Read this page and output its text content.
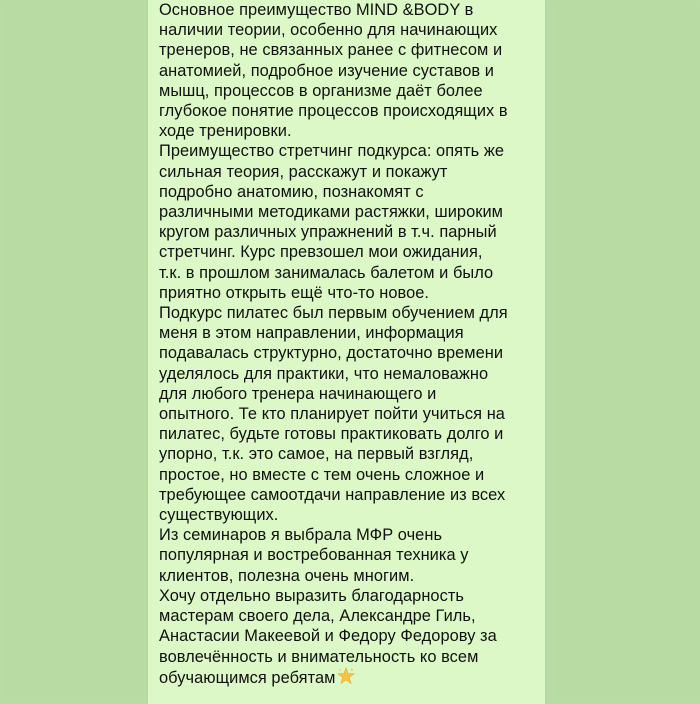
Основное преимущество MIND &BODY в
наличии теории, особенно для начинающих
тренеров, не связанных ранее с фитнесом и
анатомией, подробное изучение суставов и
мышц, процессов в организме даёт более
глубокое понятие процессов происходящих в
ходе тренировки.
Преимущество стретчинг подкурса: опять же
сильная теория, расскажут и покажут
подробно анатомию, познакомят с
различными методиками растяжки, широким
кругом различных упражнений в т.ч. парный
стретчинг. Курс превзошел мои ожидания,
т.к. в прошлом занималась балетом и было
приятно открыть ещё что-то новое.
Подкурс пилатес был первым обучением для
меня в этом направлении, информация
подавалась структурно, достаточно времени
уделялось для практики, что немаловажно
для любого тренера начинающего и
опытного. Те кто планирует пойти учиться на
пилатес, будьте готовы практиковать долго и
упорно, т.к. это самое, на первый взгляд,
простое, но вместе с тем очень сложное и
требующее самоотдачи направление из всех
существующих.
Из семинаров я выбрала МФР очень
популярная и востребованная техника у
клиентов, полезна очень многим.
Хочу отдельно выразить благодарность
мастерам своего дела, Александре Гиль,
Анастасии Макеевой и Федору Федорову за
вовлечённость и внимательность ко всем
обучающимся ребятам
